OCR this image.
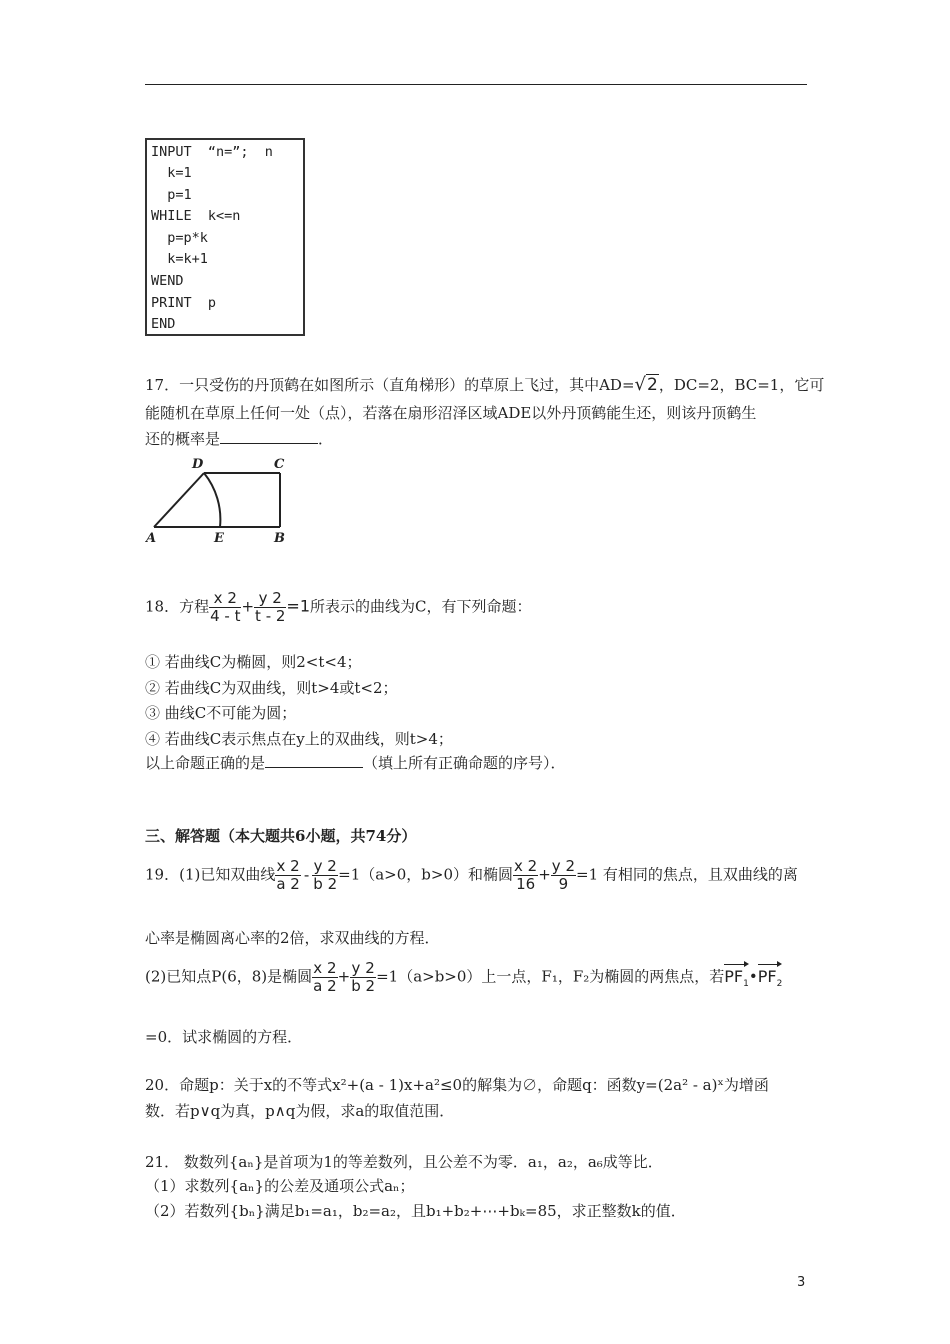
INPUT  “n=”;  n
k=1
p=1
WHILE  k<=n
p=p*k
k=k+1
WEND
PRINT  p
END
17．一只受伤的丹顶鹤在如图所示（直角梯形）的草原上飞过，其中AD=√2，DC=2，BC=1，它可
能随机在草原上任何一处（点），若落在扇形沼泽区域ADE以外丹顶鹤能生还，则该丹顶鹤生
还的概率是	．
D	C
A	E	B
18．方程 $\frac{x 2}{4 - t} + \frac{y 2}{t - 2} =1$所表示的曲线为C，有下列命题：
① 若曲线C为椭圆，则2<t<4；
② 若曲线C为双曲线，则t>4或t<2；
③ 曲线C不可能为圆；
④ 若曲线C表示焦点在y上的双曲线，则t>4；
以上命题正确的是	（填上所有正确命题的序号）．
三、解答题（本大题共6小题，共74分）
19．(1)已知双曲线 $\frac{x 2}{a 2} - \frac{y 2}{b 2} =1(a>0$，b>0）和椭圆 $\frac{x 2}{16} + \frac{y 2}{9} =1$ 有相同的焦点，且双曲线的离
心率是椭圆离心率的2倍，求双曲线的方程．
(2)已知点P(6，8)是椭圆 $\frac{x 2}{a 2} + \frac{y 2}{b 2} =1(a>b>0)$上一点，F₁，F₂为椭圆的两焦点，若$PF_1•PF_2$
=0．试求椭圆的方程．
20．命题p：关于x的不等式x²+(a - 1)x+a²≤0的解集为∅，命题q：函数y=(2a² - a)ˣ为增函
数．若p∨q为真，p∧q为假，求a的取值范围．
21． 数数列{aₙ}是首项为1的等差数列，且公差不为零．a₁，a₂，a₆成等比．
（1）求数列{aₙ}的公差及通项公式aₙ；
（2）若数列{bₙ}满足b₁=a₁，b₂=a₂，且b₁+b₂+⋯+bₖ=85，求正整数k的值．
3
